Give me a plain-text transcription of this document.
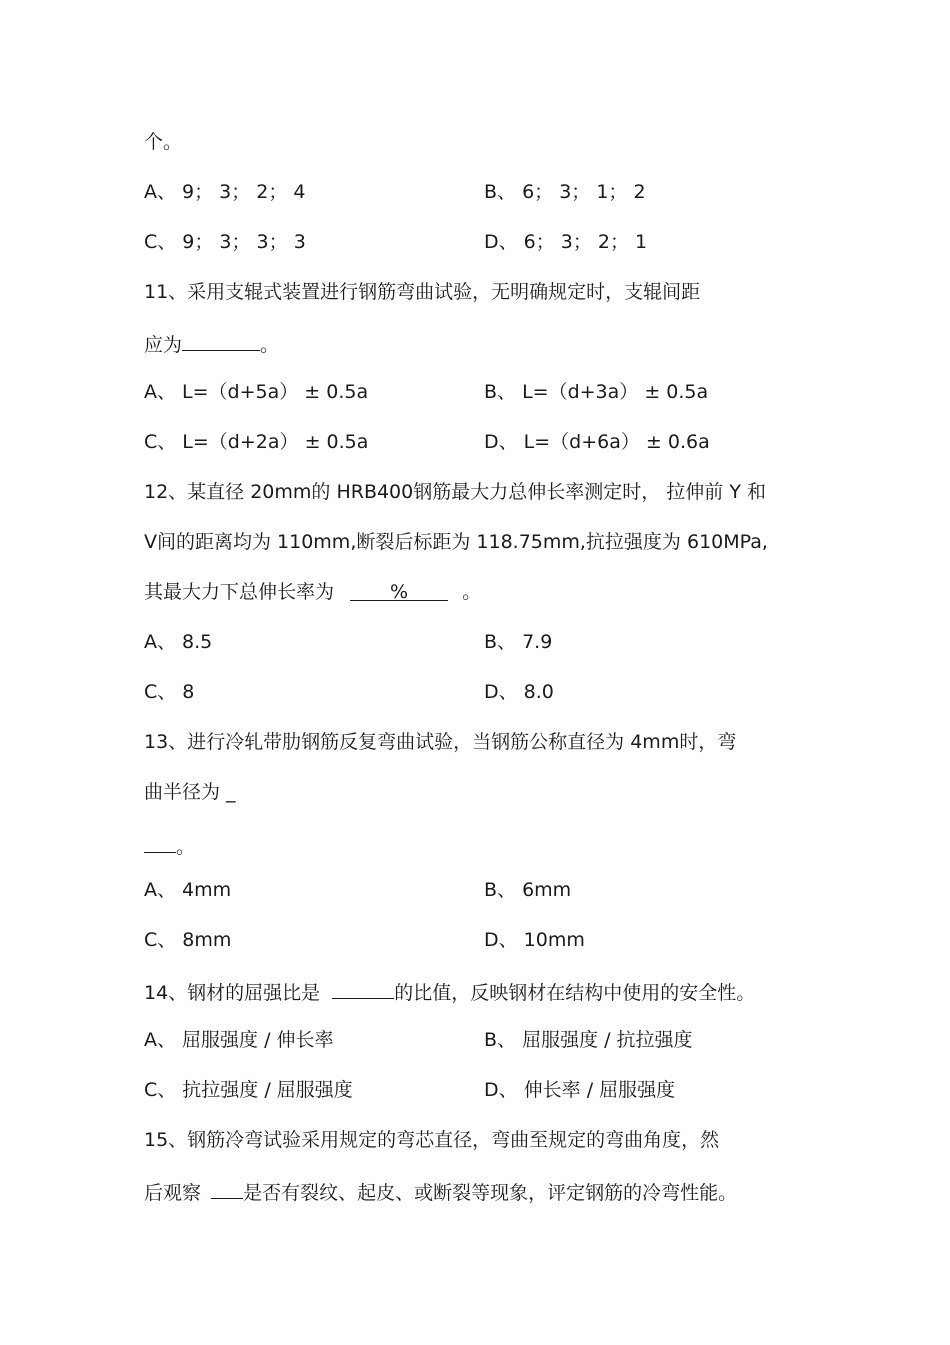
个。
A、 9； 3； 2； 4	B、 6； 3； 1； 2
C、 9； 3； 3； 3	D、 6； 3； 2； 1
11、采用支辊式装置进行钢筋弯曲试验，无明确规定时，支辊间距
应为	。
A、 L=（d+5a） ± 0.5a	B、 L=（d+3a） ± 0.5a
C、 L=（d+2a） ± 0.5a	D、 L=（d+6a） ± 0.6a
12、某直径 20mm的 HRB400钢筋最大力总伸长率测定时， 拉伸前 Y 和
V间的距离均为 110mm,断裂后标距为 118.75mm,抗拉强度为 610MPa,
其最大力下总伸长率为	%	。
A、 8.5	B、 7.9
C、 8	D、 8.0
13、进行冷轧带肋钢筋反复弯曲试验，当钢筋公称直径为 4mm时，弯
曲半径为 _
。
A、 4mm	B、 6mm
C、 8mm	D、 10mm
14、钢材的屈强比是	的比值，反映钢材在结构中使用的安全性。
A、 屈服强度 / 伸长率	B、 屈服强度 / 抗拉强度
C、 抗拉强度 / 屈服强度	D、 伸长率 / 屈服强度
15、钢筋冷弯试验采用规定的弯芯直径，弯曲至规定的弯曲角度，然
后观察 是否有裂纹、起皮、或断裂等现象，评定钢筋的冷弯性能。
